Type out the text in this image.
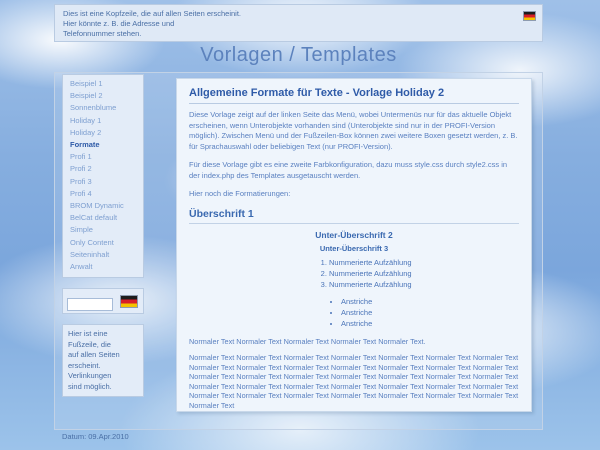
Dies ist eine Kopfzeile, die auf allen Seiten erscheinit.
Hier könnte z. B. die Adresse und
Telefonnummer stehen.
Vorlagen / Templates
Beispiel 1
Beispiel 2
Sonnenblume
Holiday 1
Holiday 2
Formate
Profi 1
Profi 2
Profi 3
Profi 4
BROM Dynamic
BelCat default
Simple
Only Content
Seiteninhalt
Anwalt
Hier ist eine Fußzeile, die
auf allen Seiten
erscheint. Verlinkungen
sind möglich.
Allgemeine Formate für Texte - Vorlage Holiday 2

Diese Vorlage zeigt auf der linken Seite das Menü, wobei Untermenüs nur für das aktuelle Objekt erscheinen, wenn Unterobjekte vorhanden sind (Unterobjekte sind nur in der PROFI-Version möglich). Zwischen Menü und der Fußzeilen-Box können zwei weitere Boxen gesetzt werden, z. B. für Sprachauswahl oder beliebigen Text (nur PROFI-Version).

Für diese Vorlage gibt es eine zweite Farbkonfiguration, dazu muss style.css durch style2.css in der index.php des Templates ausgetauscht werden.

Hier noch die Formatierungen:

Überschrift 1
Unter-Überschrift 2
Unter-Überschrift 3
1. Nummerierte Aufzählung
2. Nummerierte Aufzählung
3. Nummerierte Aufzählung
• Anstriche
• Anstriche
• Anstriche
Normaler Text Normaler Text Normaler Text Normaler Text Normaler Text.
Normaler Text Normaler Text Normaler Text Normaler Text Normaler Text Normaler Text Normaler Text Normaler Text Normaler Text Normaler Text Normaler Text Normaler Text Normaler Text Normaler Text Normaler Text Normaler Text Normaler Text Normaler Text Normaler Text Normaler Text Normaler Text Normaler Text Normaler Text Normaler Text Normaler Text Normaler Text Normaler Text Normaler Text Normaler Text Normaler Text Normaler Text Normaler Text Normaler Text Normaler Text Normaler Text Normaler Text
Datum: 09.Apr.2010
